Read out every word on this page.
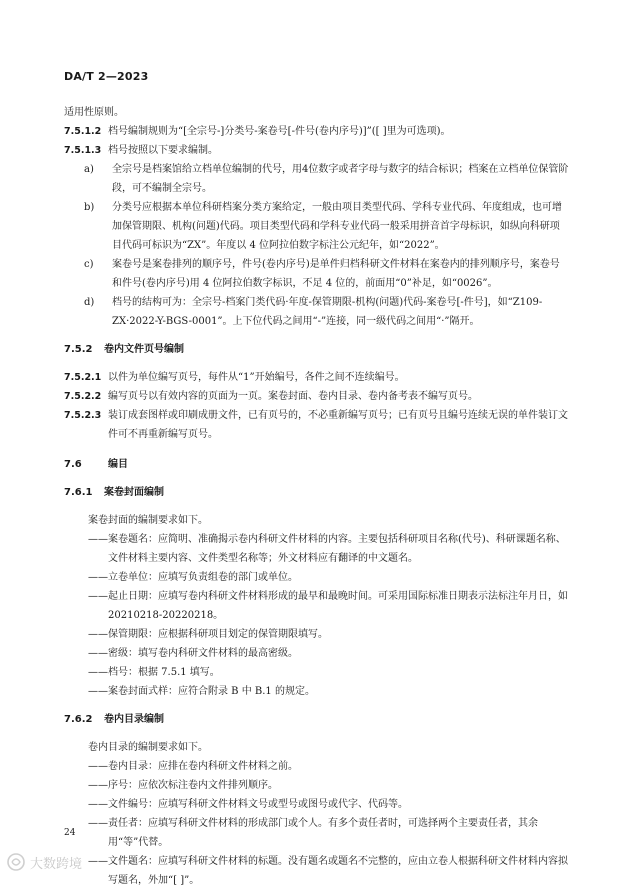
DA/T 2—2023

适用性原则。

7.5.1.2 档号编制规则为“[全宗号-]分类号-案卷号[-件号(卷内序号)]”([ ]里为可选项)。
7.5.1.3 档号按照以下要求编制。
a)	全宗号是档案馆给立档单位编制的代号，用4位数字或者字母与数字的结合标识；档案在立档单位保管阶段，可不编制全宗号。
b)	分类号应根据本单位科研档案分类方案给定，一般由项目类型代码、学科专业代码、年度组成，也可增加保管期限、机构(问题)代码。项目类型代码和学科专业代码一般采用拼音首字母标识，如纵向科研项目代码可标识为“ZX”。年度以 4 位阿拉伯数字标注公元纪年，如“2022”。
c)	案卷号是案卷排列的顺序号，件号(卷内序号)是单件归档科研文件材料在案卷内的排列顺序号，案卷号和件号(卷内序号)用 4 位阿拉伯数字标识，不足 4 位的，前面用“0”补足，如“0026”。
d)	档号的结构可为：全宗号-档案门类代码·年度-保管期限-机构(问题)代码-案卷号[-件号]，如“Z109-ZX·2022-Y-BGS-0001”。上下位代码之间用“-”连接，同一级代码之间用“·”隔开。
7.5.2	卷内文件页号编制
7.5.2.1 以件为单位编写页号，每件从“1”开始编号，各件之间不连续编号。
7.5.2.2 编写页号以有效内容的页面为一页。案卷封面、卷内目录、卷内备考表不编写页号。
7.5.2.3 装订成套图样或印刷成册文件，已有页号的，不必重新编写页号；已有页号且编号连续无误的单件装订文件可不再重新编写页号。
7.6	编目
7.6.1	案卷封面编制
案卷封面的编制要求如下。
—— 案卷题名：应简明、准确揭示卷内科研文件材料的内容。主要包括科研项目名称(代号)、科研课题名称、文件材料主要内容、文件类型名称等；外文材料应有翻译的中文题名。
—— 立卷单位：应填写负责组卷的部门或单位。
—— 起止日期：应填写卷内科研文件材料形成的最早和最晚时间。可采用国际标准日期表示法标注年月日，如 20210218-20220218。
—— 保管期限：应根据科研项目划定的保管期限填写。
—— 密级：填写卷内科研文件材料的最高密级。
—— 档号：根据 7.5.1 填写。
—— 案卷封面式样：应符合附录 B 中 B.1 的规定。
7.6.2	卷内目录编制
卷内目录的编制要求如下。
—— 卷内目录：应排在卷内科研文件材料之前。
—— 序号：应依次标注卷内文件排列顺序。
—— 文件编号：应填写科研文件材料文号或型号或图号或代字、代码等。
—— 责任者：应填写科研文件材料的形成部门或个人。有多个责任者时，可选择两个主要责任者，其余用“等”代替。
—— 文件题名：应填写科研文件材料的标题。没有题名或题名不完整的，应由立卷人根据科研文件材料内容拟写题名，外加“[ ]”。
24
大数跨境
